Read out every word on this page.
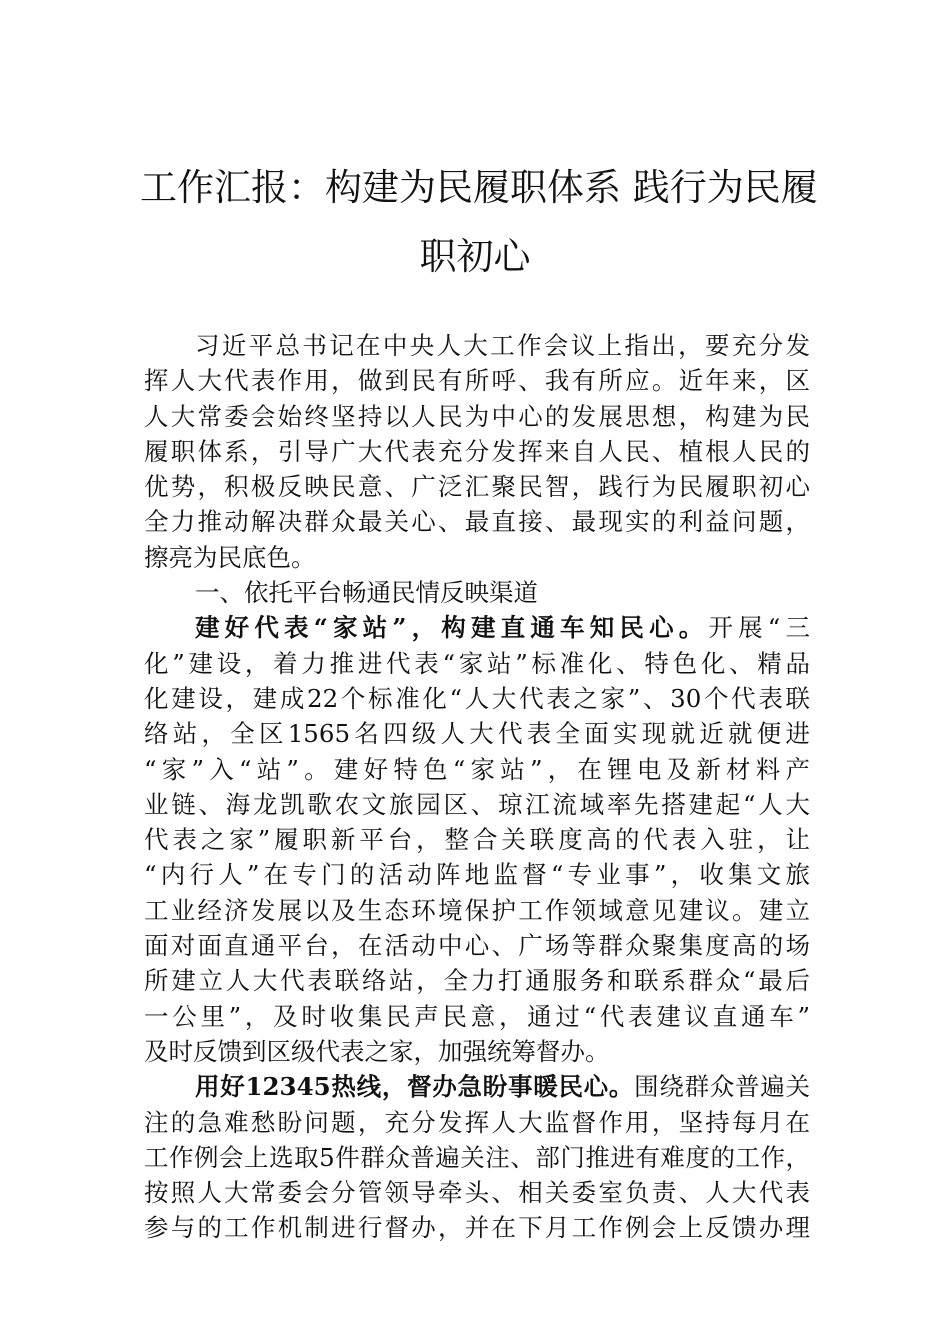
工作汇报：构建为民履职体系 践行为民履
职初心
习近平总书记在中央人大工作会议上指出，要充分发
挥人大代表作用，做到民有所呼、我有所应。近年来，区
人大常委会始终坚持以人民为中心的发展思想，构建为民
履职体系，引导广大代表充分发挥来自人民、植根人民的
优势，积极反映民意、广泛汇聚民智，践行为民履职初心
全力推动解决群众最关心、最直接、最现实的利益问题，
擦亮为民底色。
一、依托平台畅通民情反映渠道
建好代表“家站”，构建直通车知民心。开展“三
化”建设，着力推进代表“家站”标准化、特色化、精品
化建设，建成22个标准化“人大代表之家”、30个代表联
络站，全区1565名四级人大代表全面实现就近就便进
“家”入“站”。建好特色“家站”，在锂电及新材料产
业链、海龙凯歌农文旅园区、琼江流域率先搭建起“人大
代表之家”履职新平台，整合关联度高的代表入驻，让
“内行人”在专门的活动阵地监督“专业事”，收集文旅
工业经济发展以及生态环境保护工作领域意见建议。建立
面对面直通平台，在活动中心、广场等群众聚集度高的场
所建立人大代表联络站，全力打通服务和联系群众“最后
一公里”，及时收集民声民意，通过“代表建议直通车”
及时反馈到区级代表之家，加强统筹督办。
用好12345热线，督办急盼事暖民心。围绕群众普遍关
注的急难愁盼问题，充分发挥人大监督作用，坚持每月在
工作例会上选取5件群众普遍关注、部门推进有难度的工作，
按照人大常委会分管领导牵头、相关委室负责、人大代表
参与的工作机制进行督办，并在下月工作例会上反馈办理
